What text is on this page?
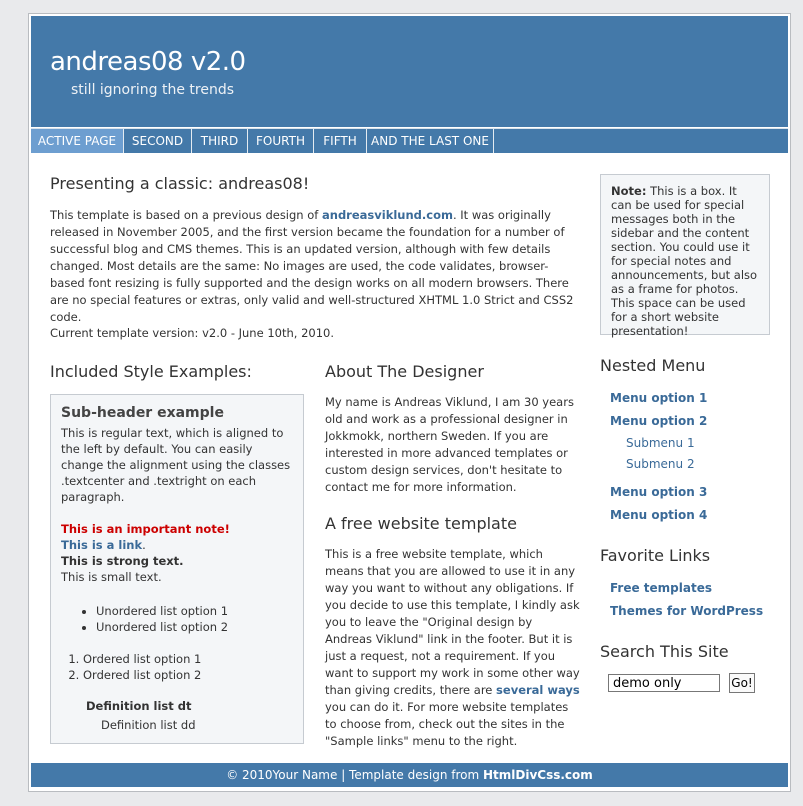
andreas08 v2.0
still ignoring the trends
ACTIVE PAGE	SECOND	THIRD	FOURTH	FIFTH	AND THE LAST ONE
Presenting a classic: andreas08!

This template is based on a previous design of andreasviklund.com. It was originally released in November 2005, and the first version became the foundation for a number of successful blog and CMS themes. This is an updated version, although with few details changed. Most details are the same: No images are used, the code validates, browser-based font resizing is fully supported and the design works on all modern browsers. There are no special features or extras, only valid and well-structured XHTML 1.0 Strict and CSS2 code.

Current template version: v2.0 - June 10th, 2010.

Included Style Examples:

Sub-header example

This is regular text, which is aligned to the left by default. You can easily change the alignment using the classes .textcenter and .textright on each paragraph.

This is an important note!

This is a link.

This is strong text.

This is small text.

• Unordered list option 1
• Unordered list option 2
1. Ordered list option 1
2. Ordered list option 2
Definition list dt
Definition list dd
About The Designer

My name is Andreas Viklund, I am 30 years old and work as a professional designer in Jokkmokk, northern Sweden. If you are interested in more advanced templates or custom design services, don't hesitate to contact me for more information.

A free website template

This is a free website template, which means that you are allowed to use it in any way you want to without any obligations. If you decide to use this template, I kindly ask you to leave the "Original design by Andreas Viklund" link in the footer. But it is just a request, not a requirement. If you want to support my work in some other way than giving credits, there are several ways you can do it. For more website templates to choose from, check out the sites in the "Sample links" menu to the right.

Note: This is a box. It can be used for special messages both in the sidebar and the content section. You could use it for special notes and announcements, but also as a frame for photos. This space can be used for a short website presentation!
Nested Menu
Menu option 1
Menu option 2
Submenu 1
Submenu 2
Menu option 3
Menu option 4
Favorite Links
Free templates
Themes for WordPress
Search This Site
demo only
Go!
© 2010Your Name | Template design from HtmlDivCss.com
